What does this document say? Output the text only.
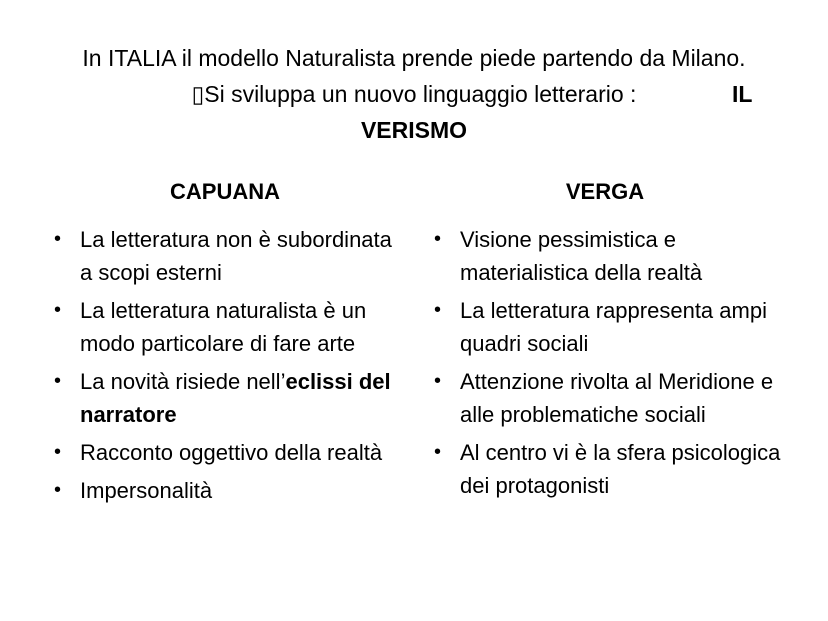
In ITALIA il modello Naturalista prende piede partendo da Milano.
▯Si sviluppa un nuovo linguaggio letterario :	IL
VERISMO
CAPUANA
• La letteratura non è subordinata a scopi esterni
• La letteratura naturalista è un modo particolare di fare arte
• La novità risiede nell’eclissi del narratore
• Racconto oggettivo della realtà
• Impersonalità
VERGA
• Visione pessimistica e materialistica della realtà
• La letteratura rappresenta ampi quadri sociali
• Attenzione rivolta al Meridione e alle problematiche sociali
• Al centro vi è la sfera psicologica dei protagonisti
